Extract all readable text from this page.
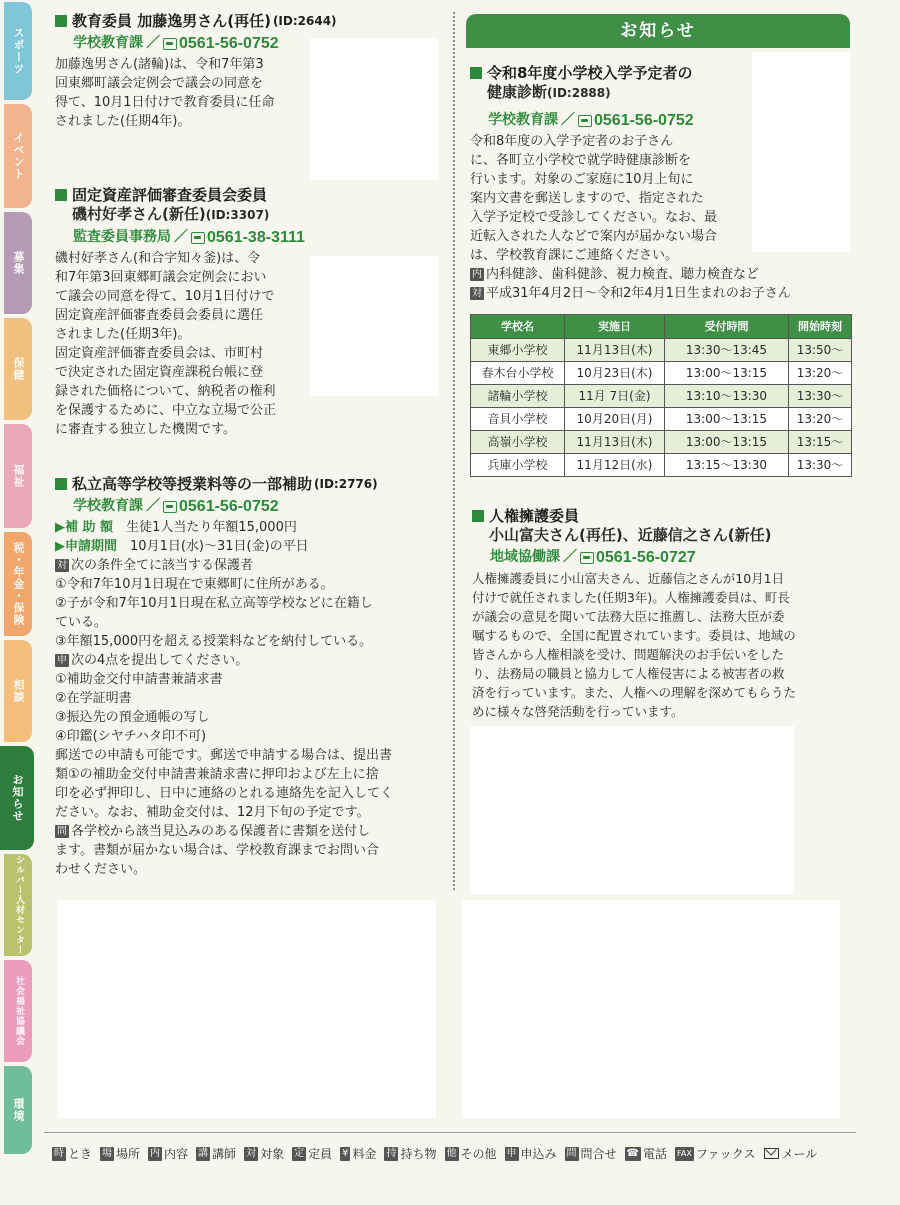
スポーツ
イベント
募集
保健
福祉
税・年金・保険
相談
お知らせ
シルバー人材センター
社会福祉協議会
環境
教育委員 加藤逸男さん(再任) (ID:2644)
学校教育課 ／ 0561-56-0752
加藤逸男さん(諸輪)は、令和7年第3
回東郷町議会定例会で議会の同意を
得て、10月1日付けで教育委員に任命
されました(任期4年)。
固定資産評価審査委員会委員
磯村好孝さん(新任)(ID:3307)
監査委員事務局 ／ 0561-38-3111
磯村好孝さん(和合字知々釜)は、令
和7年第3回東郷町議会定例会におい
て議会の同意を得て、10月1日付けで
固定資産評価審査委員会委員に選任
されました(任期3年)。
固定資産評価審査委員会は、市町村
で決定された固定資産課税台帳に登
録された価格について、納税者の権利
を保護するために、中立な立場で公正
に審査する独立した機関です。
私立高等学校等授業料等の一部補助 (ID:2776)
学校教育課 ／ 0561-56-0752
▶補 助 額　 生徒1人当たり年額15,000円
▶申請期間　 10月1日(水)～31日(金)の平日
対 次の条件全てに該当する保護者
①令和7年10月1日現在で東郷町に住所がある。
②子が令和7年10月1日現在私立高等学校などに在籍し
ている。
③年額15,000円を超える授業料などを納付している。
申 次の4点を提出してください。
①補助金交付申請書兼請求書
②在学証明書
③振込先の預金通帳の写し
④印鑑(シヤチハタ印不可)
郵送での申請も可能です。郵送で申請する場合は、提出書
類①の補助金交付申請書兼請求書に押印および左上に捨
印を必ず押印し、日中に連絡のとれる連絡先を記入してく
ださい。なお、補助金交付は、12月下旬の予定です。
問 各学校から該当見込みのある保護者に書類を送付し
ます。書類が届かない場合は、学校教育課までお問い合
わせください。
お知らせ
令和8年度小学校入学予定者の
健康診断(ID:2888)
学校教育課 ／ 0561-56-0752
令和8年度の入学予定者のお子さん
に、各町立小学校で就学時健康診断を
行います。対象のご家庭に10月上旬に
案内文書を郵送しますので、指定された
入学予定校で受診してください。なお、最
近転入された人などで案内が届かない場合
は、学校教育課にご連絡ください。
内 内科健診、歯科健診、視力検査、聴力検査など
対 平成31年4月2日～令和2年4月1日生まれのお子さん
学校名	実施日	受付時間	開始時刻
東郷小学校	11月13日(木)	13:30～13:45	13:50～
春木台小学校	10月23日(木)	13:00～13:15	13:20～
諸輪小学校	11月 7日(金)	13:10～13:30	13:30～
音貝小学校	10月20日(月)	13:00～13:15	13:20～
高嶺小学校	11月13日(木)	13:00～13:15	13:15～
兵庫小学校	11月12日(水)	13:15～13:30	13:30～
人権擁護委員
小山富夫さん(再任)、近藤信之さん(新任)
地域協働課 ／ 0561-56-0727
人権擁護委員に小山富夫さん、近藤信之さんが10月1日
付けで就任されました(任期3年)。人権擁護委員は、町長
が議会の意見を聞いて法務大臣に推薦し、法務大臣が委
嘱するもので、全国に配置されています。委員は、地域の
皆さんから人権相談を受け、問題解決のお手伝いをした
り、法務局の職員と協力して人権侵害による被害者の救
済を行っています。また、人権への理解を深めてもらうた
めに様々な啓発活動を行っています。
時 とき 場 場所 内 内容 講 講師 対 対象 定 定員 ¥ 料金 持 持ち物 他 その他 申 申込み 問 問合せ ☎ 電話 FAX ファックス メール
